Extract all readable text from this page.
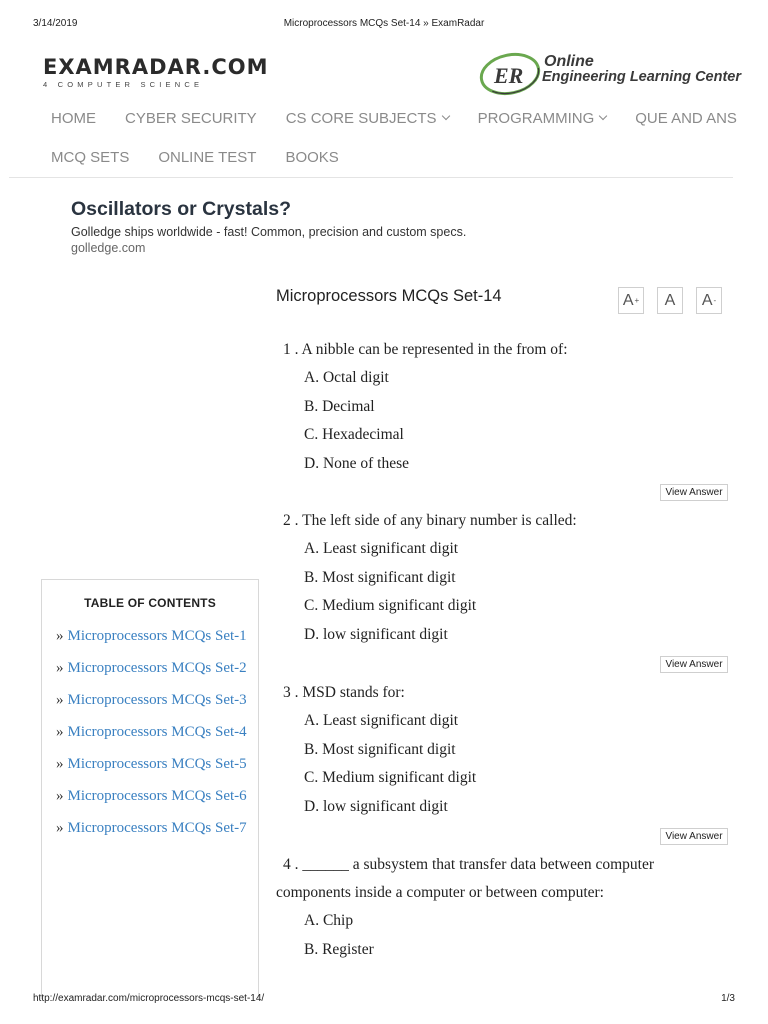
3/14/2019	Microprocessors MCQs Set-14 » ExamRadar
EXAMRADAR.COM
4 COMPUTER SCIENCE	ER
Online
Engineering Learning Center
HOME CYBER SECURITY CS CORE SUBJECTS	PROGRAMMING	QUE AND ANS
MCQ SETS ONLINE TEST BOOKS
Oscillators or Crystals?
Golledge ships worldwide - fast! Common, precision and custom specs.
golledge.com
Microprocessors MCQs Set-14	A + A A -
1 . A nibble can be represented in the from of:
A. Octal digit
B. Decimal
C. Hexadecimal
D. None of these
View Answer
2 . The left side of any binary number is called:
A. Least significant digit
B. Most significant digit
C. Medium significant digit
D. low significant digit
View Answer
3 . MSD stands for:
A. Least significant digit
B. Most significant digit
C. Medium significant digit
D. low significant digit
View Answer
4 . ______ a subsystem that transfer data between computer components inside a computer or between computer:
A. Chip
B. Register
TABLE OF CONTENTS
» Microprocessors MCQs Set-1
» Microprocessors MCQs Set-2
» Microprocessors MCQs Set-3
» Microprocessors MCQs Set-4
» Microprocessors MCQs Set-5
» Microprocessors MCQs Set-6
» Microprocessors MCQs Set-7
http://examradar.com/microprocessors-mcqs-set-14/	1/3
